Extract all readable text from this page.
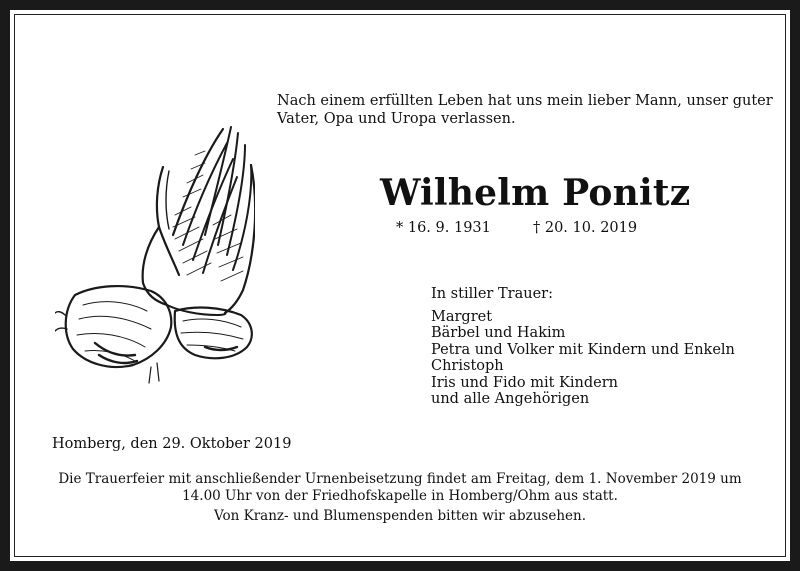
Nach einem erfüllten Leben hat uns mein lieber Mann, unser guter Vater, Opa und Uropa verlassen.
Wilhelm Ponitz
* 16. 9. 1931	† 20. 10. 2019
In stiller Trauer:
Margret
Bärbel und Hakim
Petra und Volker mit Kindern und Enkeln
Christoph
Iris und Fido mit Kindern
und alle Angehörigen
Homberg, den 29. Oktober 2019
Die Trauerfeier mit anschließender Urnenbeisetzung findet am Freitag, dem 1. November 2019 um 14.00 Uhr von der Friedhofskapelle in Homberg/Ohm aus statt.
Von Kranz- und Blumenspenden bitten wir abzusehen.
